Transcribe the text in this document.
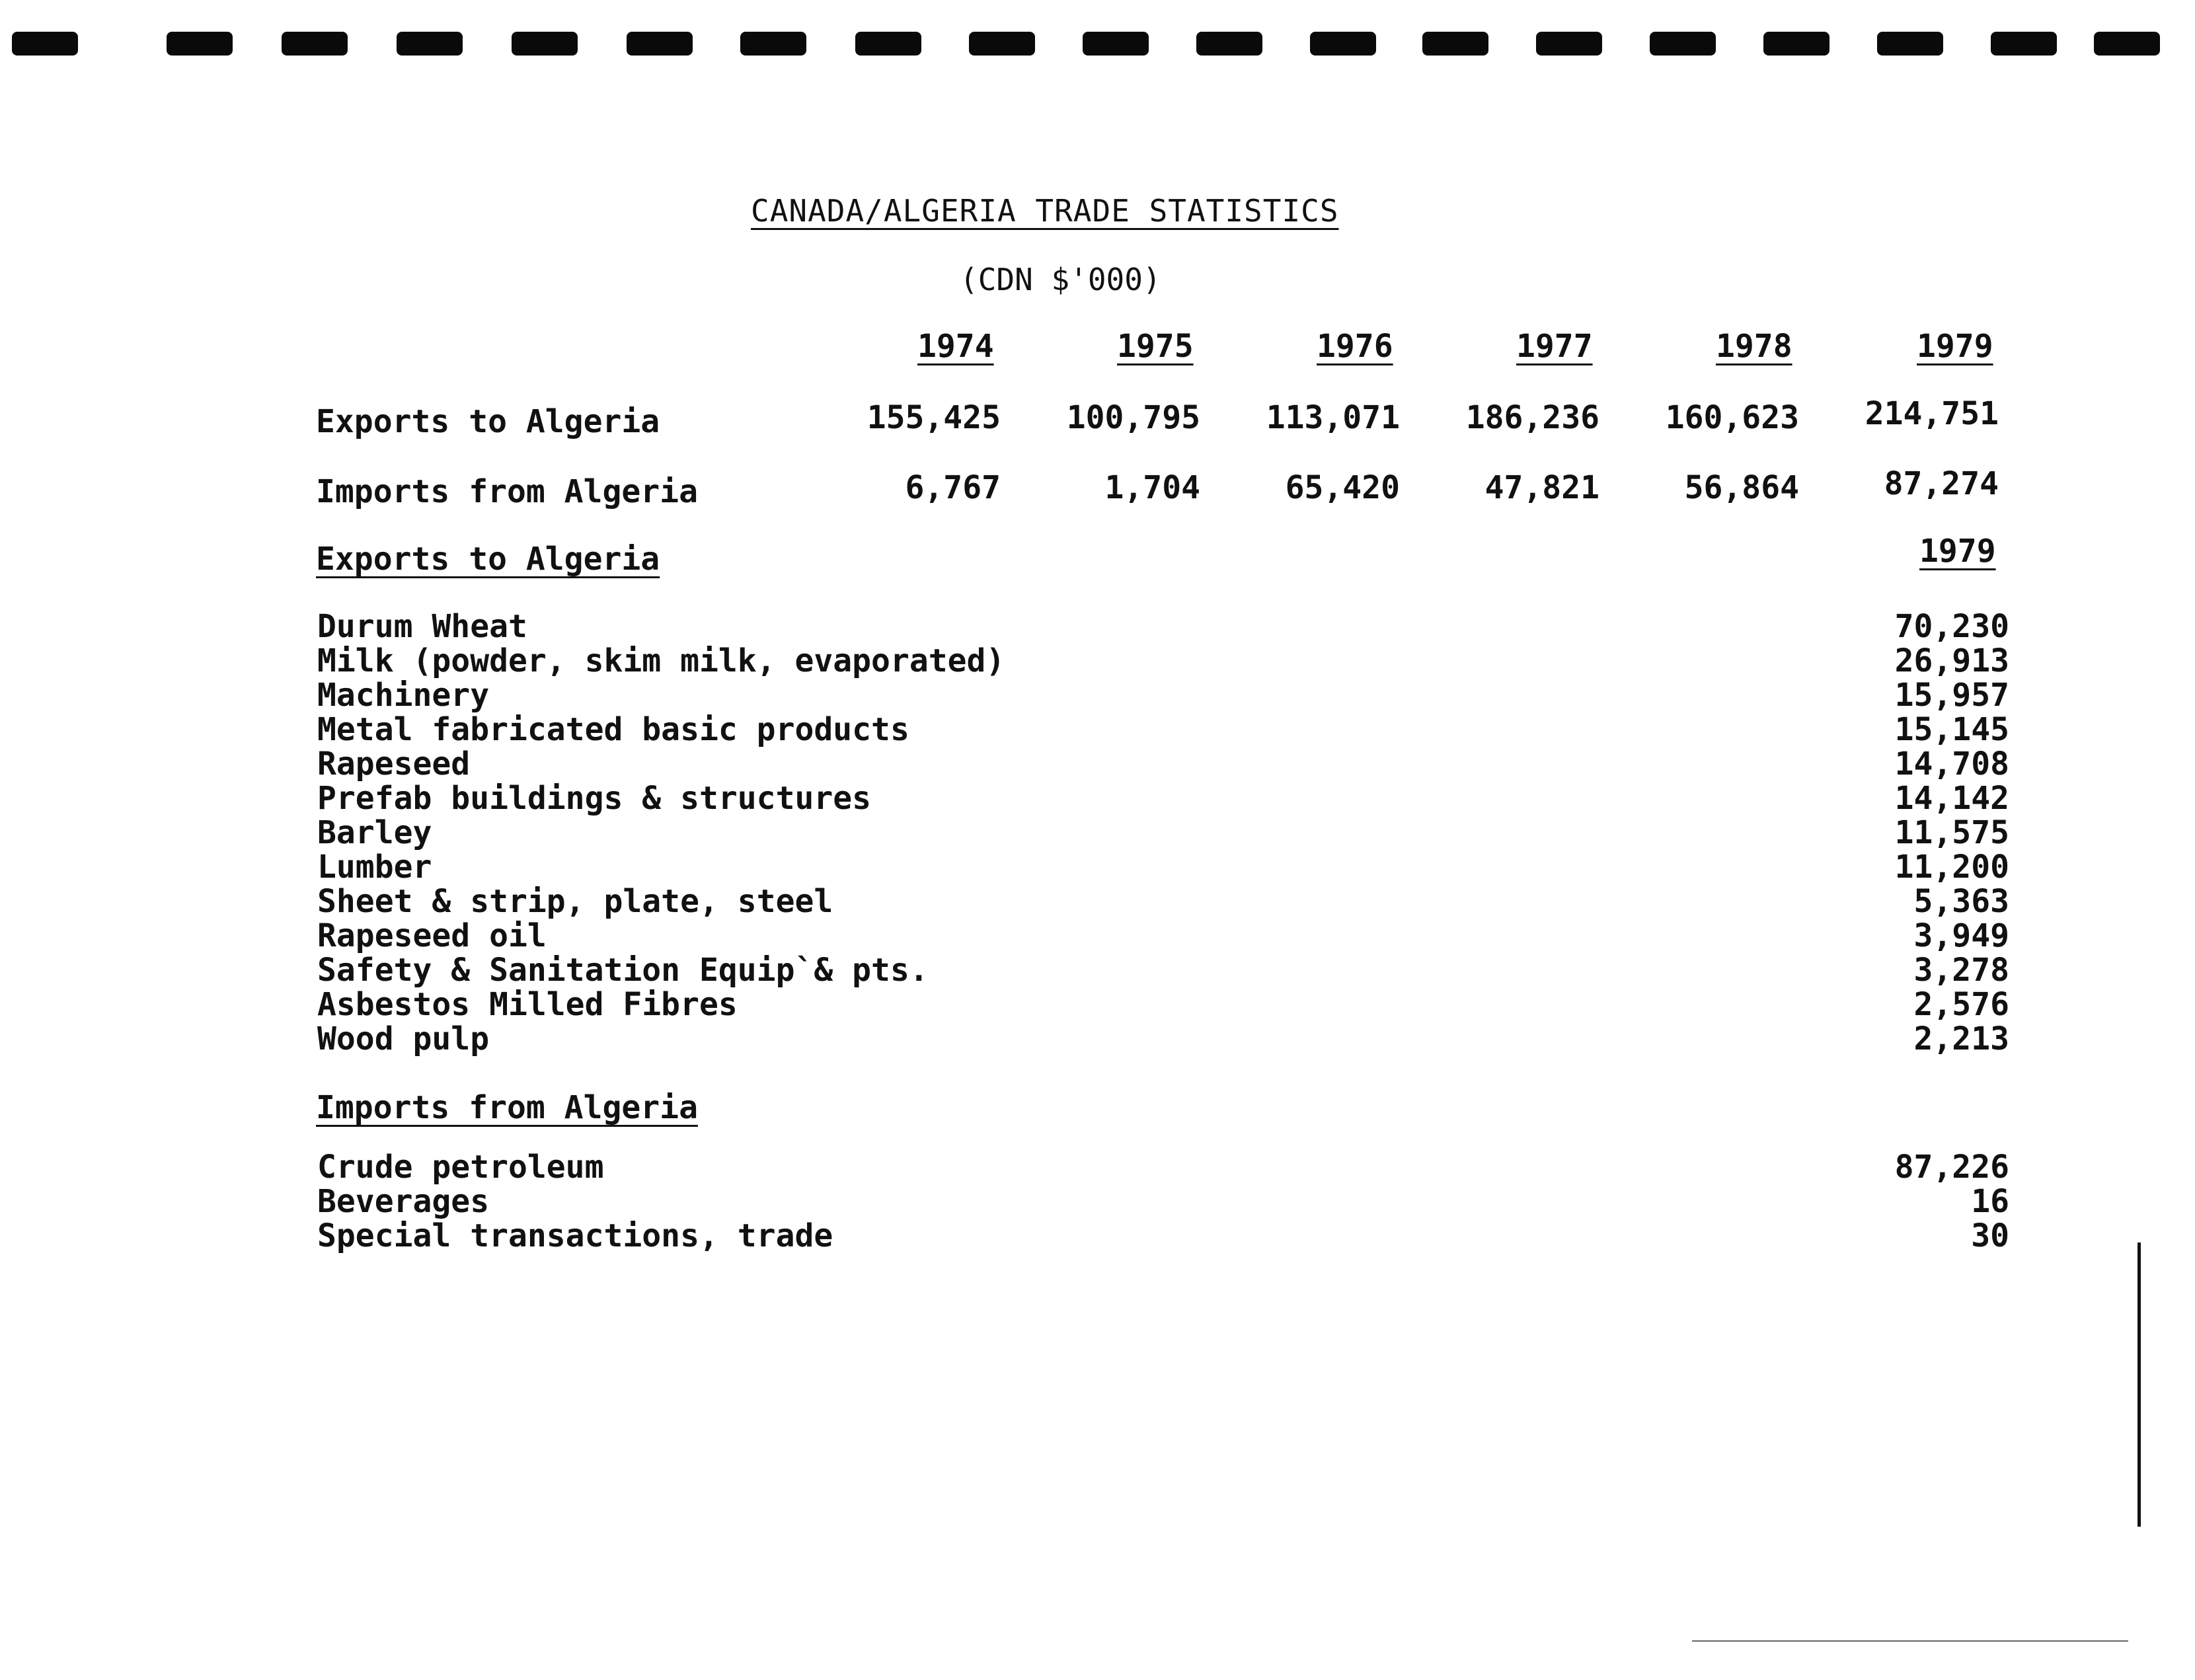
CANADA/ALGERIA TRADE STATISTICS
(CDN $'000)
1974	1975	1976	1977	1978	1979
Exports to Algeria	155,425 100,795 113,071 186,236 160,623 214,751
Imports from Algeria	6,767	1,704	65,420	47,821	56,864	87,274
Exports to Algeria	1979
Durum Wheat	70,230
Milk (powder, skim milk, evaporated)	26,913
Machinery	15,957
Metal fabricated basic products	15,145
Rapeseed	14,708
Prefab buildings & structures	14,142
Barley	11,575
Lumber	11,200
Sheet & strip, plate, steel	5,363
Rapeseed oil	3,949
Safety & Sanitation Equip`& pts.	3,278
Asbestos Milled Fibres	2,576
Wood pulp	2,213
Imports from Algeria
Crude petroleum	87,226
Beverages	16
Special transactions, trade	30
